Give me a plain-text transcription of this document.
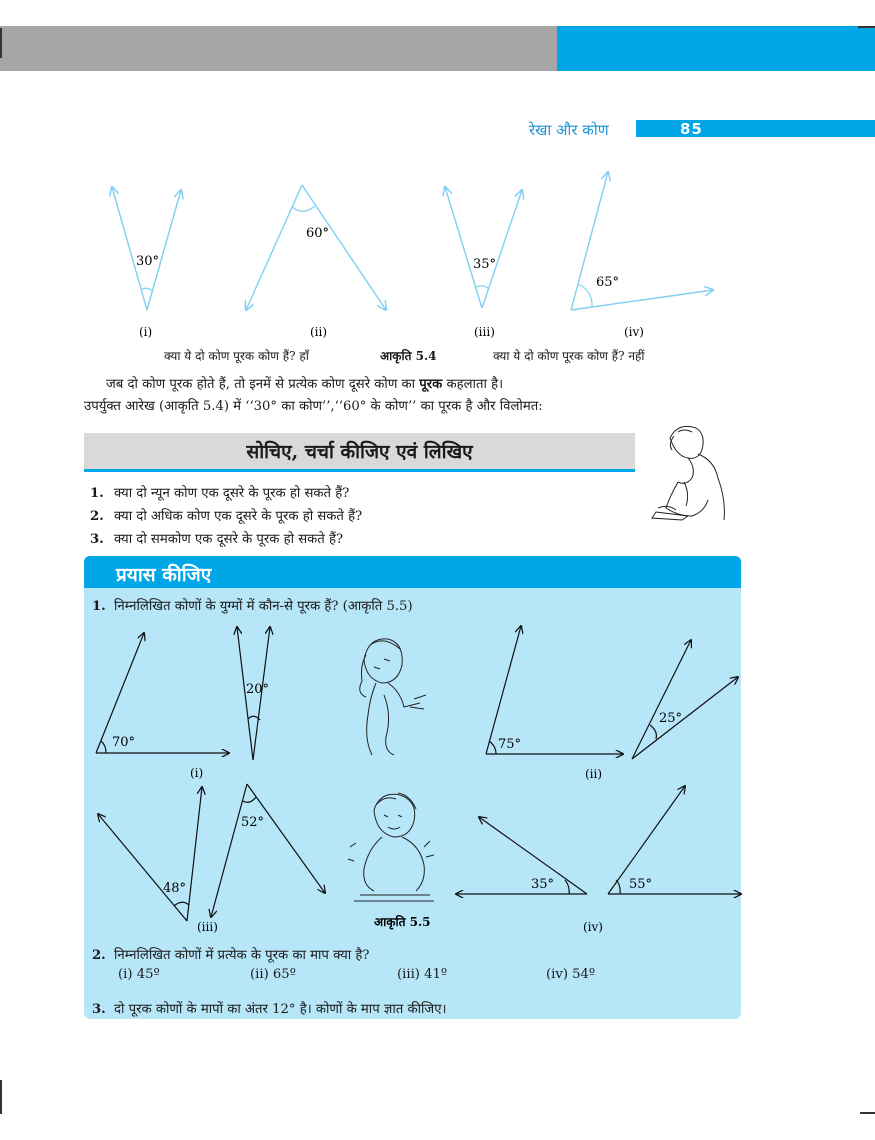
रेखा और कोण	85
30°
60°
35°
65°
(i)	(ii)	(iii)	(iv)
क्या ये दो कोण पूरक कोण हैं? हाँ	आकृति 5.4	क्या ये दो कोण पूरक कोण हैं? नहीं
जब दो कोण पूरक होते हैं, तो इनमें से प्रत्येक कोण दूसरे कोण का पूरक कहलाता है।
उपर्युक्त आरेख (आकृति 5.4) में ‘‘30° का कोण’’,‘‘60° के कोण’’ का पूरक है और विलोमत:
सोचिए, चर्चा कीजिए एवं लिखिए
1. क्या दो न्यून कोण एक दूसरे के पूरक हो सकते हैं?
2. क्या दो अधिक कोण एक दूसरे के पूरक हो सकते हैं?
3. क्या दो समकोण एक दूसरे के पूरक हो सकते हैं?
प्रयास कीजिए
1. निम्नलिखित कोणों के युग्मों में कौन-से पूरक हैं? (आकृति 5.5)
70°
20°
75°
25°
48°
52°
35°	55°
(i)	(ii)
(iii)	(iv)
आकृति 5.5
2. निम्नलिखित कोणों में प्रत्येक के पूरक का माप क्या है?
(i) 45º	(ii) 65º	(iii) 41º	(iv) 54º
3. दो पूरक कोणों के मापों का अंतर 12° है। कोणों के माप ज्ञात कीजिए।
